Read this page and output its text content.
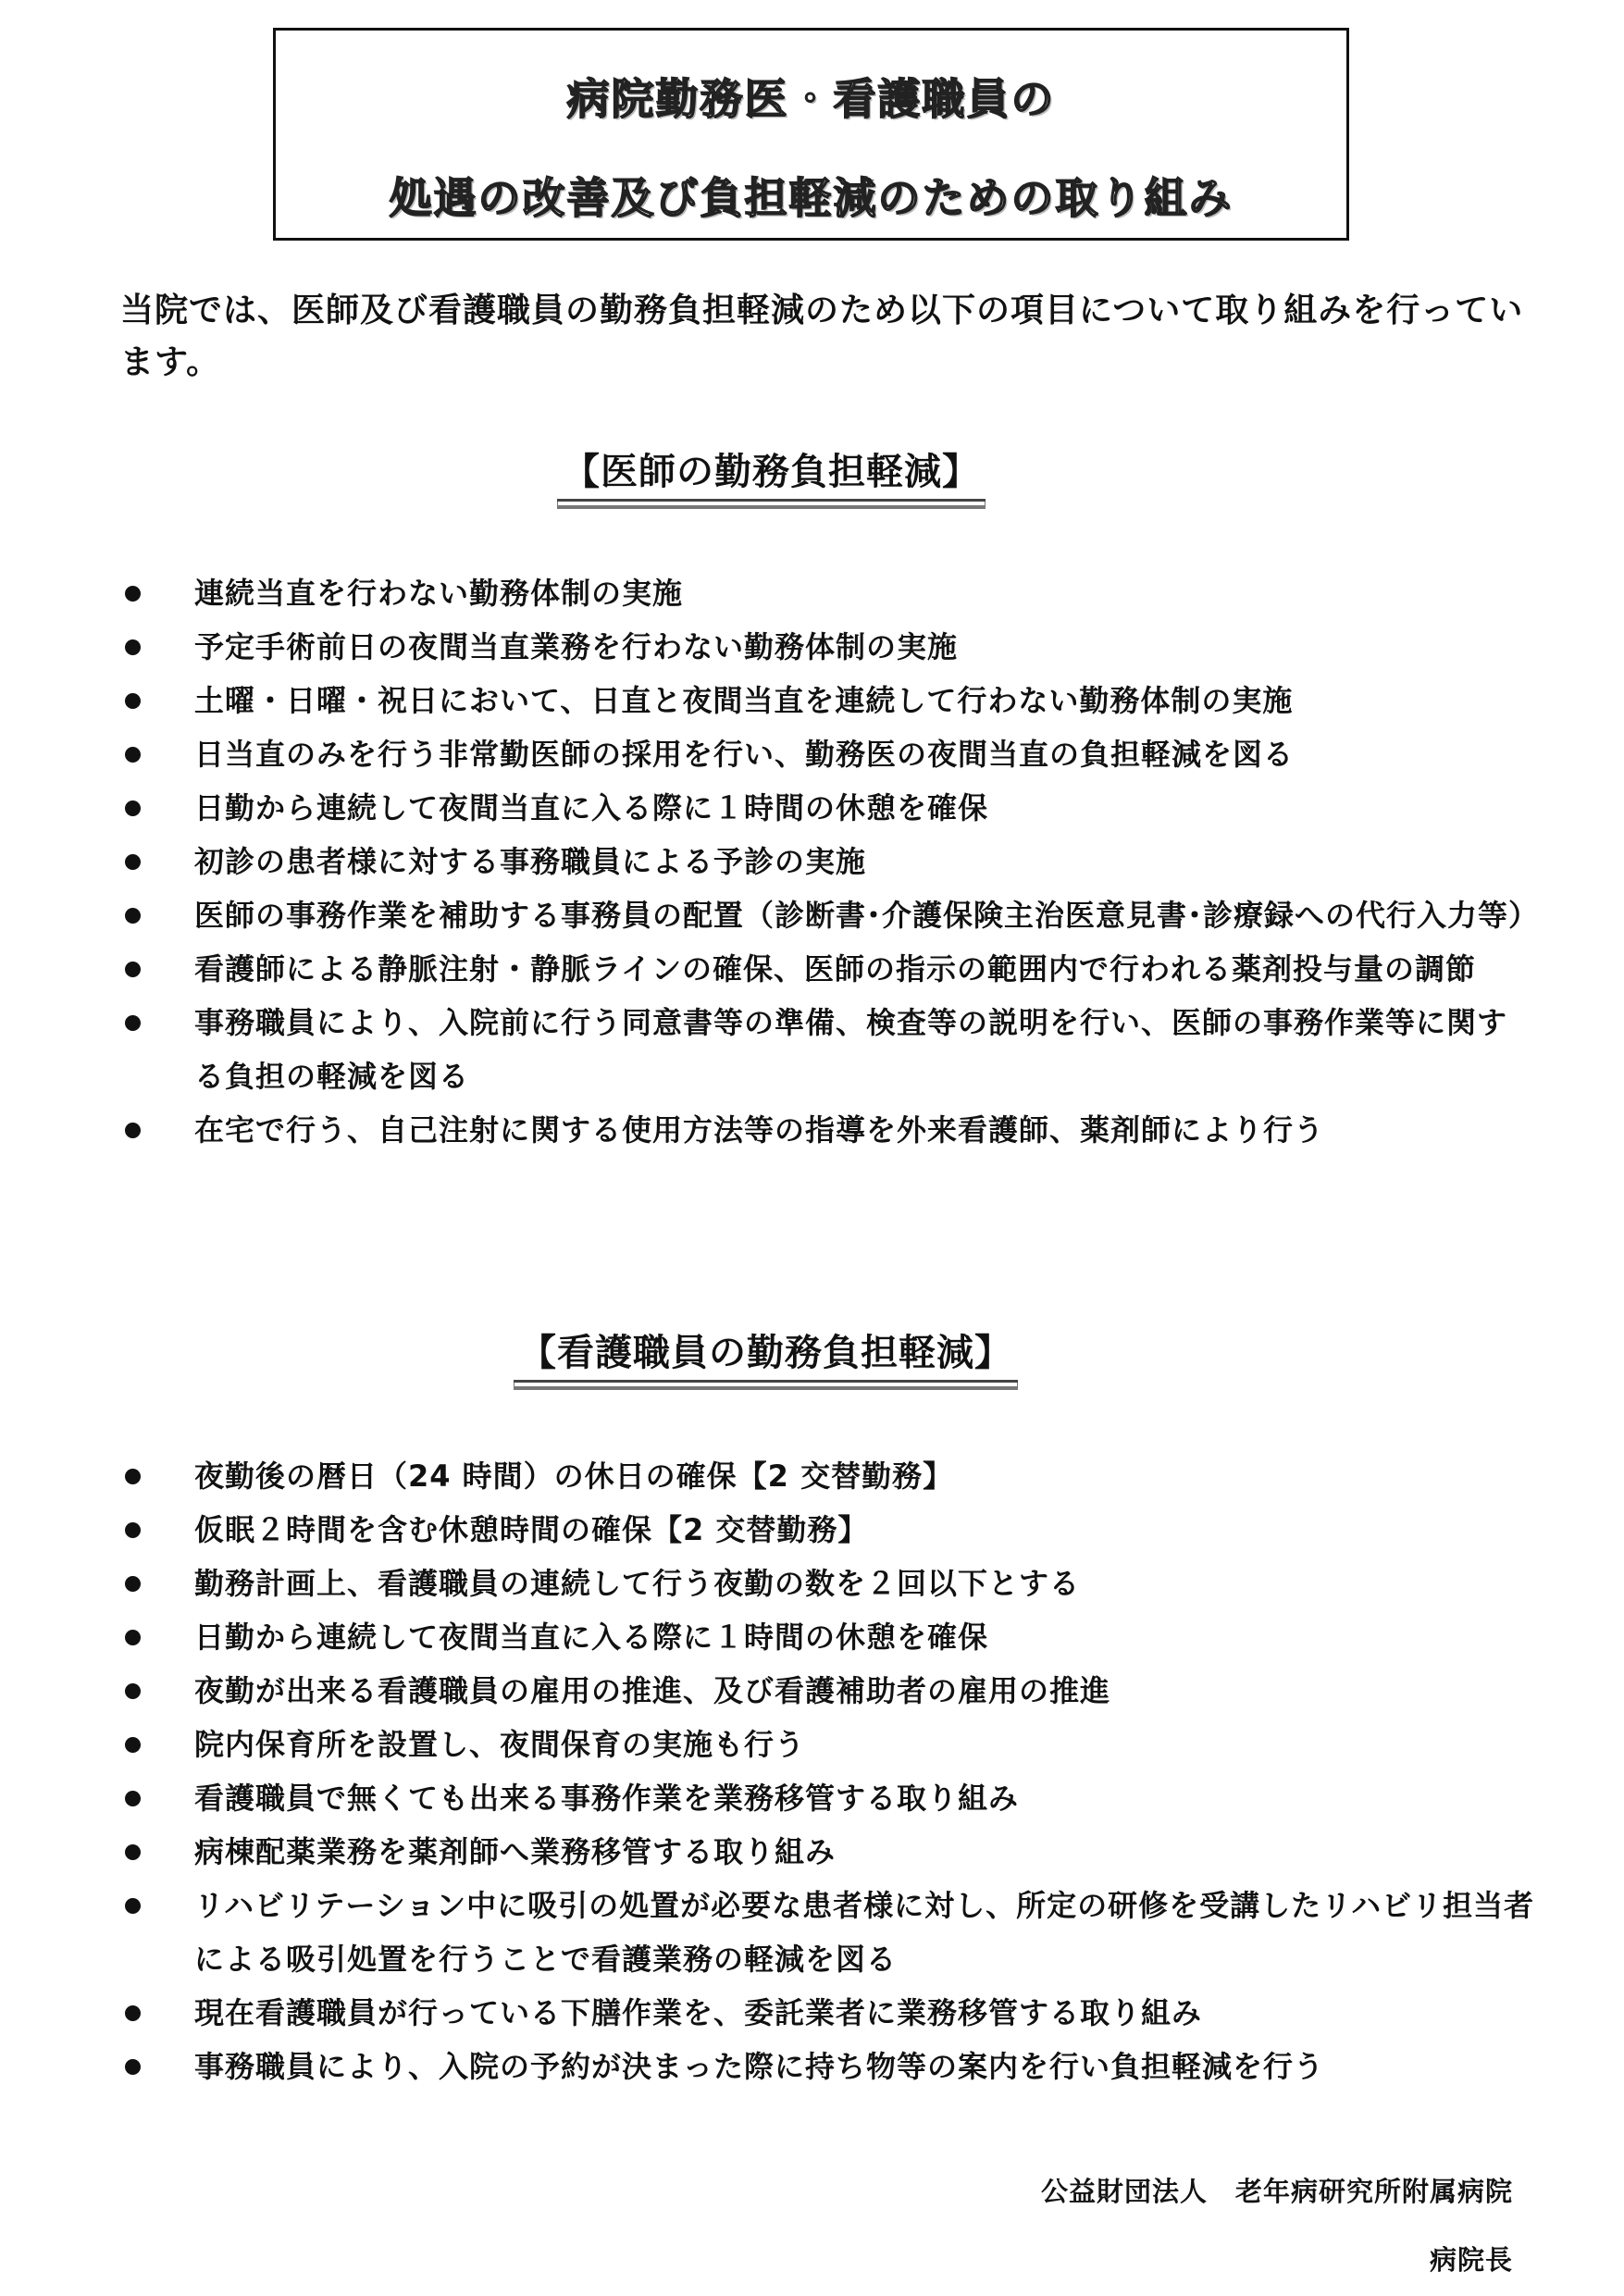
病院勤務医・看護職員の
処遇の改善及び負担軽減のための取り組み
当院では、医師及び看護職員の勤務負担軽減のため以下の項目について取り組みを行っています。
【医師の勤務負担軽減】
連続当直を行わない勤務体制の実施
予定手術前日の夜間当直業務を行わない勤務体制の実施
土曜・日曜・祝日において、日直と夜間当直を連続して行わない勤務体制の実施
日当直のみを行う非常勤医師の採用を行い、勤務医の夜間当直の負担軽減を図る
日勤から連続して夜間当直に入る際に１時間の休憩を確保
初診の患者様に対する事務職員による予診の実施
医師の事務作業を補助する事務員の配置（診断書･介護保険主治医意見書･診療録への代行入力等）
看護師による静脈注射・静脈ラインの確保、医師の指示の範囲内で行われる薬剤投与量の調節
事務職員により、入院前に行う同意書等の準備、検査等の説明を行い、医師の事務作業等に関する負担の軽減を図る
在宅で行う、自己注射に関する使用方法等の指導を外来看護師、薬剤師により行う
【看護職員の勤務負担軽減】
夜勤後の暦日（24 時間）の休日の確保【2 交替勤務】
仮眠２時間を含む休憩時間の確保【2 交替勤務】
勤務計画上、看護職員の連続して行う夜勤の数を２回以下とする
日勤から連続して夜間当直に入る際に１時間の休憩を確保
夜勤が出来る看護職員の雇用の推進、及び看護補助者の雇用の推進
院内保育所を設置し、夜間保育の実施も行う
看護職員で無くても出来る事務作業を業務移管する取り組み
病棟配薬業務を薬剤師へ業務移管する取り組み
リハビリテーション中に吸引の処置が必要な患者様に対し、所定の研修を受講したリハビリ担当者による吸引処置を行うことで看護業務の軽減を図る
現在看護職員が行っている下膳作業を、委託業者に業務移管する取り組み
事務職員により、入院の予約が決まった際に持ち物等の案内を行い負担軽減を行う
公益財団法人　老年病研究所附属病院
病院長
